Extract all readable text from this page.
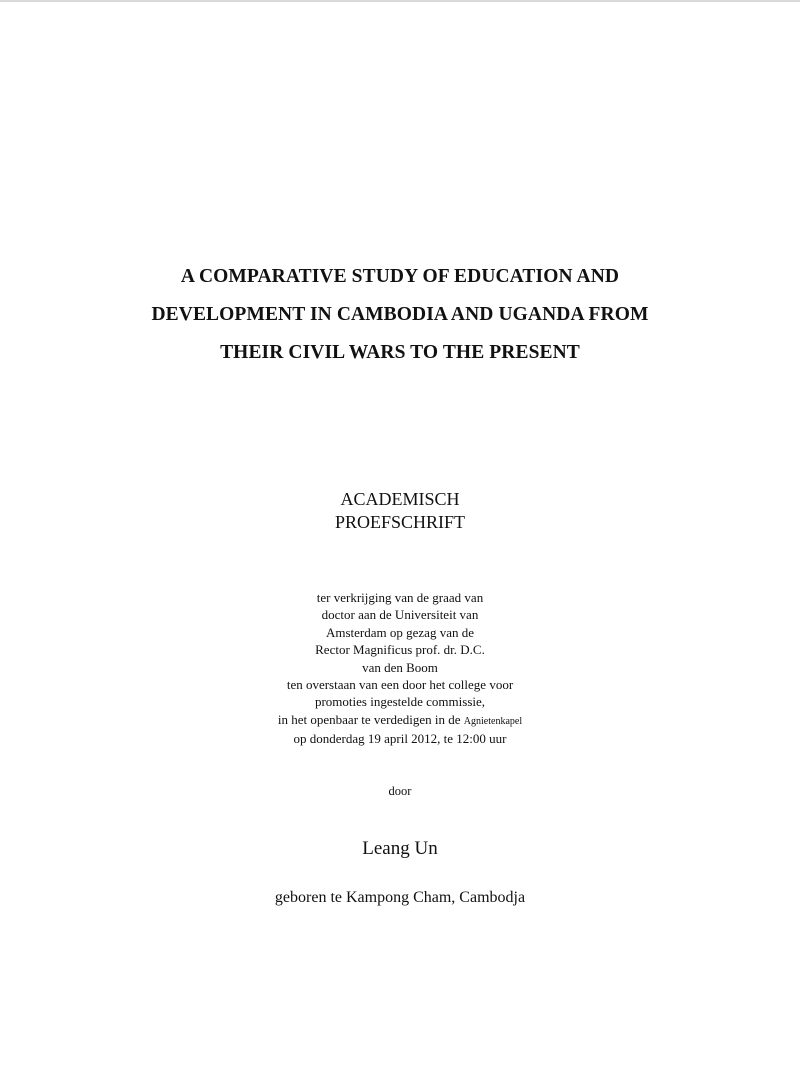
A COMPARATIVE STUDY OF EDUCATION AND
DEVELOPMENT IN CAMBODIA AND UGANDA FROM
THEIR CIVIL WARS TO THE PRESENT
ACADEMISCH
PROEFSCHRIFT
ter verkrijging van de graad van
doctor aan de Universiteit van
Amsterdam op gezag van de
Rector Magnificus prof. dr. D.C.
van den Boom
ten overstaan van een door het college voor
promoties ingestelde commissie,
in het openbaar te verdedigen in de Agnietenkapel
op donderdag 19 april 2012, te 12:00 uur
door
Leang Un
geboren te Kampong Cham, Cambodja
